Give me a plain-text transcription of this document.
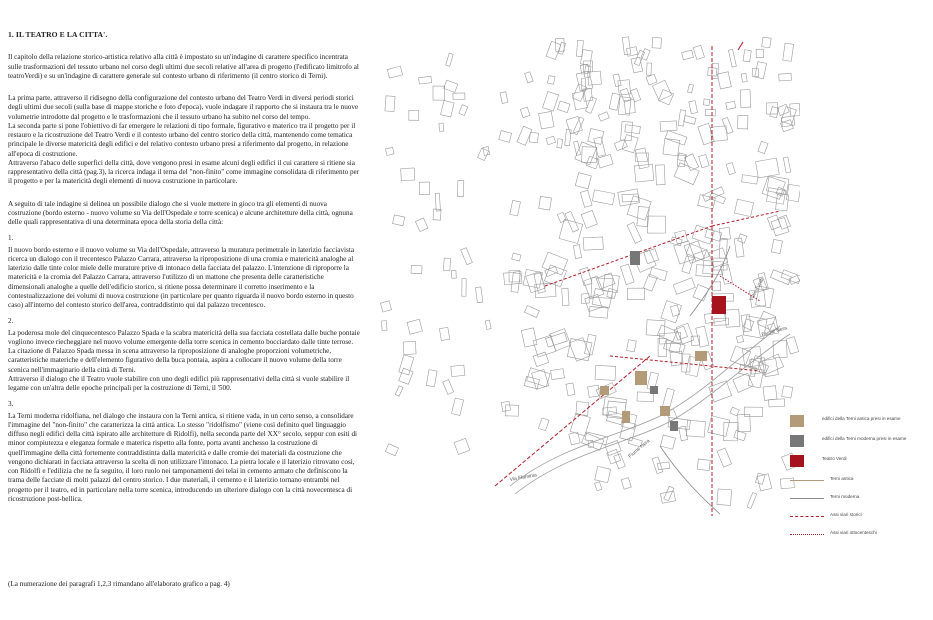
1. IL TEATRO E LA CITTA'.

Il capitolo della relazione storico-artistica relativo alla città è impostato su un'indagine di carattere specifico incentrata sulle trasformazioni del tessuto urbano nel corso degli ultimi due secoli relative all'area di progetto (l'edificato limitrofo al teatroVerdi) e su un'indagine di carattere generale sul contesto urbano di riferimento (il centro storico di Terni).

La prima parte, attraverso il ridisegno della configurazione del contesto urbano del Teatro Verdi in diversi periodi storici degli ultimi due secoli (sulla base di mappe storiche e foto d'epoca), vuole indagare il rapporto che si instaura tra le nuove volumetrie introdotte dal progetto e le trasformazioni che il tessuto urbano ha subito nel corso del tempo.

La seconda parte si pone l'obiettivo di far emergere le relazioni di tipo formale, figurativo e materico tra il progetto per il restauro e la ricostruzione del Teatro Verdi e il contesto urbano del centro storico della città, mantenendo come tematica principale le diverse matericità degli edifici e del relativo contesto urbano presi a riferimento dal progetto, in relazione all'epoca di costruzione.

Attraverso l'abaco delle superfici della città, dove vengono presi in esame alcuni degli edifici il cui carattere si ritiene sia rappresentativo della città (pag.3), la ricerca indaga il tema del "non-finito" come immagine consolidata di riferimento per il progetto e per la matericità degli elementi di nuova costruzione in particolare.

A seguito di tale indagine si delinea un possibile dialogo che si vuole mettere in gioco tra gli elementi di nuova costruzione (bordo esterno - nuovo volume su Via dell'Ospedale e torre scenica) e alcune architetture della città, ognuna delle quali rappresentativa di una determinata epoca della storia della città:

1.

Il nuovo bordo esterno e il nuovo volume su Via dell'Ospedale, attraverso la muratura perimetrale in laterizio facciavista ricerca un dialogo con il trecentesco Palazzo Carrara, attraverso la riproposizione di una cromia e matericità analoghe al laterizio dalle tinte color miele delle murature prive di intonaco della facciata del palazzo. L'intenzione di riproporre la matericità e la cromia del Palazzo Carrara, attraverso l'utilizzo di un mattone che presenta delle caratteristiche dimensionali analoghe a quelle dell'edificio storico, si ritiene possa determinare il corretto inserimento e la contestualizzazione dei volumi di nuova costruzione (in particolare per quanto riguarda il nuovo bordo esterno in questo caso) all'interno del contesto storico dell'area, contraddistinto qui dal palazzo trecentesco.

2.

La poderosa mole del cinquecentesco Palazzo Spada e la scabra matericità della sua facciata costellata dalle buche pontaie vogliono invece riecheggiare nel nuovo volume emergente della torre scenica in cemento bocciardato dalle tinte terrose. La citazione di Palazzo Spada messa in scena attraverso la riproposizione di analoghe proporzioni volumetriche, caratteristiche materiche e dell'elemento figurativo della buca pontaia, aspira a collocare il nuovo volume della torre scenica nell'immaginario della città di Terni.

Attraverso il dialogo che il Teatro vuole stabilire con uno degli edifici più rappresentativi della città si vuole stabilire il legame con un'altra delle epoche principali per la costruzione di Terni, il '500.

3.

La Terni moderna ridolfiana, nel dialogo che instaura con la Terni antica, si ritiene vada, in un certo senso, a consolidare l'immagine del "non-finito" che caratterizza la città antica. Lo stesso "ridolfismo" (viene così definito quel linguaggio diffuso negli edifici della città ispirato alle architetture di Ridolfi), nella seconda parte del XX° secolo, seppur con esiti di minor compiutezza e eleganza formale e materica rispetto alla fonte, porta avanti anchesso la costruzione di quell'immagine della città fortemente contraddistinta dalla matericità e dalle cromie dei materiali da costruzione che vengono dichiarati in facciata attraverso la scelta di non utilizzare l'intonaco. La pietra locale e il laterizio ritrovano così, con Ridolfi e l'edilizia che ne fa seguito, il loro ruolo nei tamponamenti dei telai in cemento armato che definiscono la trama delle facciate di molti palazzi del centro storico. I due materiali, il cemento e il laterizio tornano entrambi nel progetto per il teatro, ed in particolare nella torre scenica, introducendo un ulteriore dialogo con la città novecentesca di ricostruzione post-bellica.

(La numerazione dei paragrafi 1,2,3 rimandano all'elaborato grafico a pag. 4)
Viale Turati
Fiume Nera
Via Flaminia
Fiume Nera
edifici della Terni antica presi in esame
edifici della Terni moderna presi in esame
Teatro Verdi
Terni antica
Terni moderna
Assi viari storici
Assi viari ottocenteschi
